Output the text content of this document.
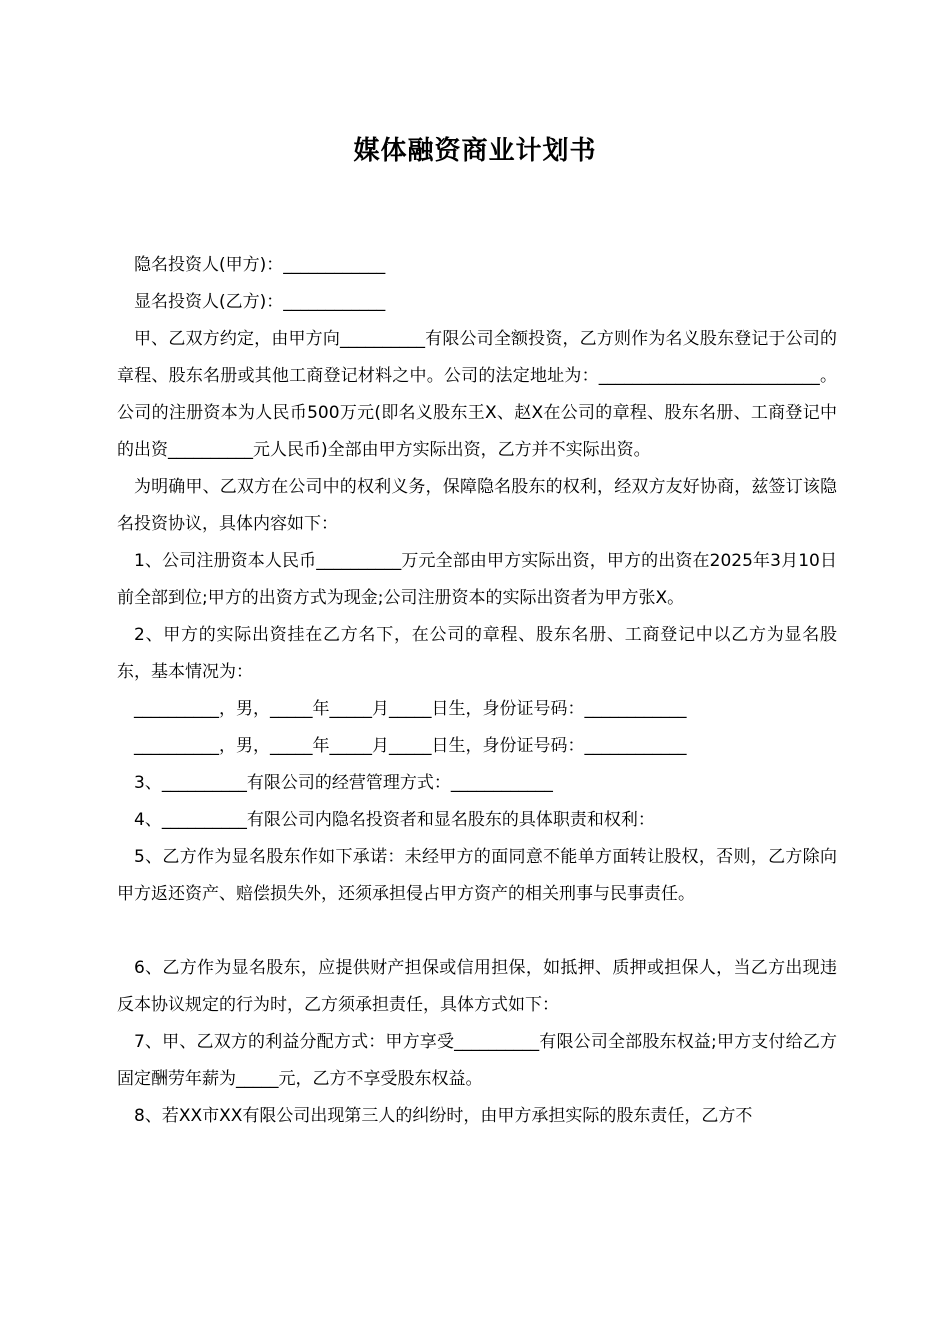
媒体融资商业计划书

隐名投资人(甲方)：____________

显名投资人(乙方)：____________

甲、乙双方约定，由甲方向__________有限公司全额投资，乙方则作为名义股东登记于公司的章程、股东名册或其他工商登记材料之中。公司的法定地址为：__________________________。公司的注册资本为人民币500万元(即名义股东王X、赵X在公司的章程、股东名册、工商登记中的出资__________元人民币)全部由甲方实际出资，乙方并不实际出资。

为明确甲、乙双方在公司中的权利义务，保障隐名股东的权利，经双方友好协商，兹签订该隐名投资协议，具体内容如下：

1、公司注册资本人民币__________万元全部由甲方实际出资，甲方的出资在2025年3月10日前全部到位;甲方的出资方式为现金;公司注册资本的实际出资者为甲方张X。

2、甲方的实际出资挂在乙方名下，在公司的章程、股东名册、工商登记中以乙方为显名股东，基本情况为：

__________，男，_____年_____月_____日生，身份证号码：____________

__________，男，_____年_____月_____日生，身份证号码：____________

3、__________有限公司的经营管理方式：____________

4、__________有限公司内隐名投资者和显名股东的具体职责和权利：

5、乙方作为显名股东作如下承诺：未经甲方的面同意不能单方面转让股权，否则，乙方除向甲方返还资产、赔偿损失外，还须承担侵占甲方资产的相关刑事与民事责任。

6、乙方作为显名股东，应提供财产担保或信用担保，如抵押、质押或担保人，当乙方出现违反本协议规定的行为时，乙方须承担责任，具体方式如下：

7、甲、乙双方的利益分配方式：甲方享受__________有限公司全部股东权益;甲方支付给乙方固定酬劳年薪为_____元，乙方不享受股东权益。

8、若XX市XX有限公司出现第三人的纠纷时，由甲方承担实际的股东责任，乙方不
